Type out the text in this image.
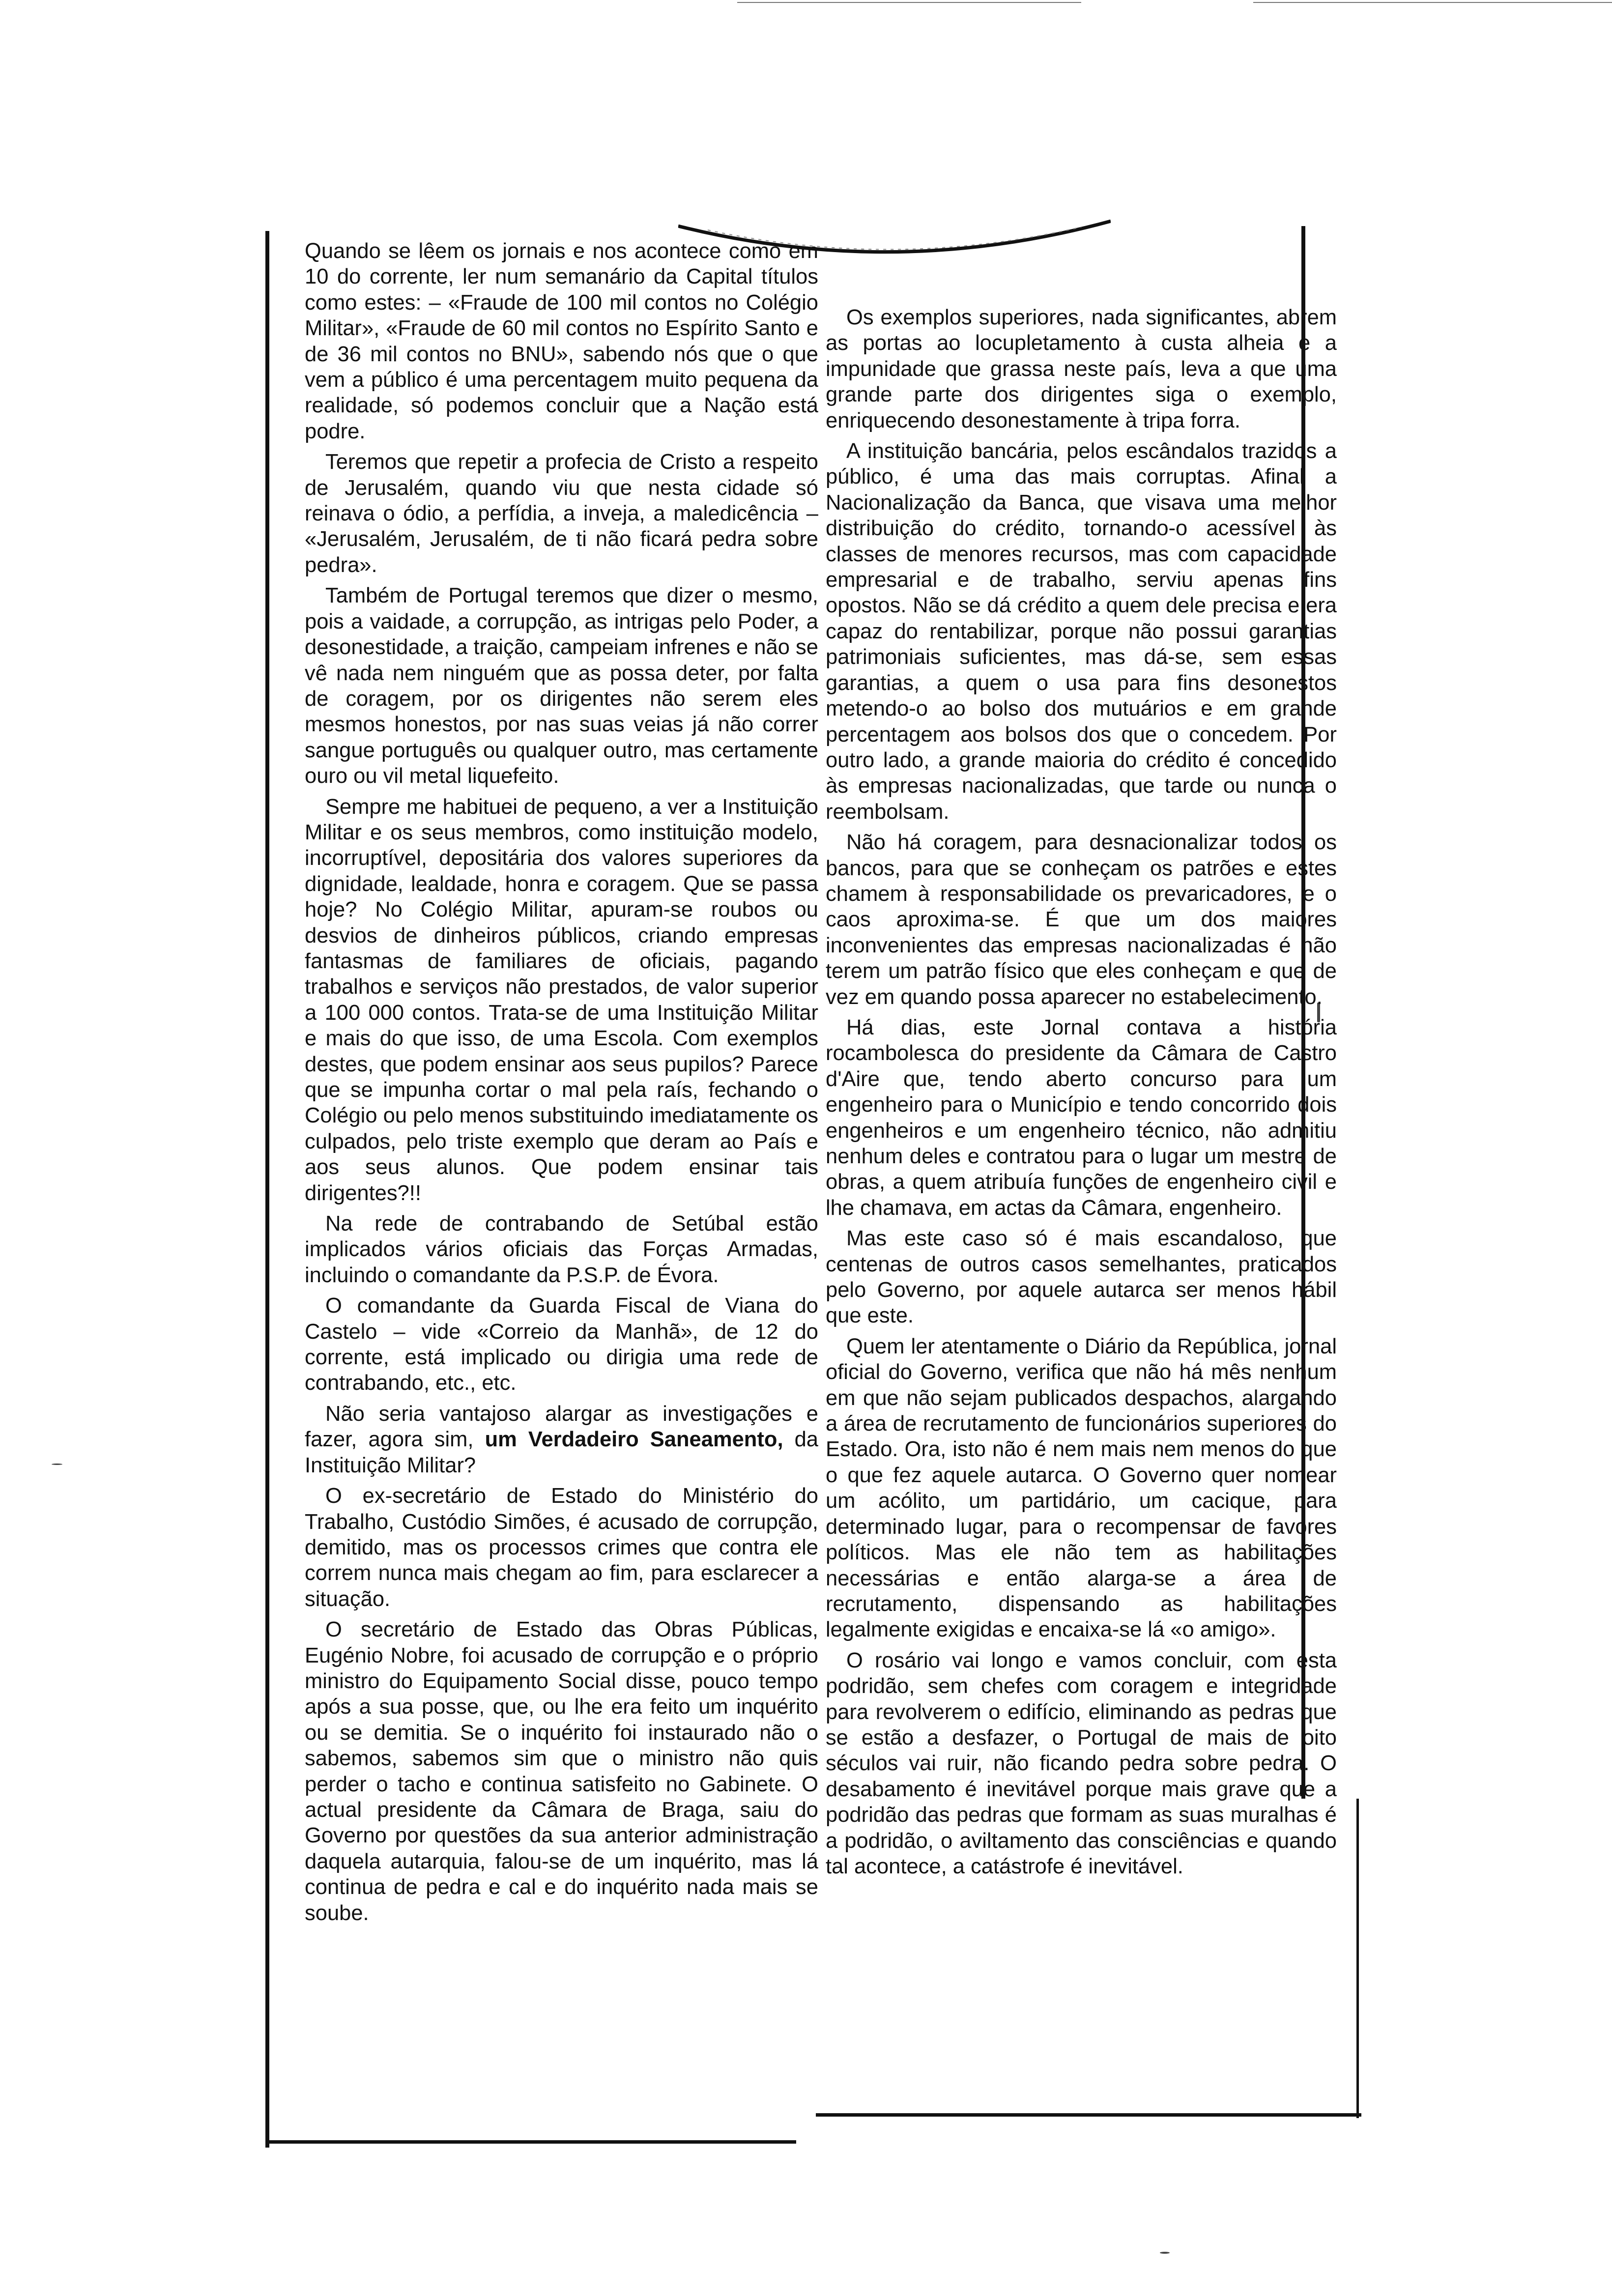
Quando se lêem os jornais e nos acontece como em 10 do corrente, ler num semanário da Capital títulos como estes: – «Fraude de 100 mil contos no Colégio Militar», «Fraude de 60 mil contos no Espírito Santo e de 36 mil contos no BNU», sabendo nós que o que vem a público é uma percentagem muito pequena da realidade, só podemos concluir que a Nação está podre.

Teremos que repetir a profecia de Cristo a respeito de Jerusalém, quando viu que nesta cidade só reinava o ódio, a perfídia, a inveja, a maledicência – «Jerusalém, Jerusalém, de ti não ficará pedra sobre pedra».

Também de Portugal teremos que dizer o mesmo, pois a vaidade, a corrupção, as intrigas pelo Poder, a desonestidade, a traição, campeiam infrenes e não se vê nada nem ninguém que as possa deter, por falta de coragem, por os dirigentes não serem eles mesmos honestos, por nas suas veias já não correr sangue português ou qualquer outro, mas certamente ouro ou vil metal liquefeito.

Sempre me habituei de pequeno, a ver a Instituição Militar e os seus membros, como instituição modelo, incorruptível, depositária dos valores superiores da dignidade, lealdade, honra e coragem. Que se passa hoje? No Colégio Militar, apuram-se roubos ou desvios de dinheiros públicos, criando empresas fantasmas de familiares de oficiais, pagando trabalhos e serviços não prestados, de valor superior a 100 000 contos. Trata-se de uma Instituição Militar e mais do que isso, de uma Escola. Com exemplos destes, que podem ensinar aos seus pupilos? Parece que se impunha cortar o mal pela raís, fechando o Colégio ou pelo menos substituindo imediatamente os culpados, pelo triste exemplo que deram ao País e aos seus alunos. Que podem ensinar tais dirigentes?!!

Na rede de contrabando de Setúbal estão implicados vários oficiais das Forças Armadas, incluindo o comandante da P.S.P. de Évora.

O comandante da Guarda Fiscal de Viana do Castelo – vide «Correio da Manhã», de 12 do corrente, está implicado ou dirigia uma rede de contrabando, etc., etc.

Não seria vantajoso alargar as investigações e fazer, agora sim, um Verdadeiro Saneamento, da Instituição Militar?

O ex-secretário de Estado do Ministério do Trabalho, Custódio Simões, é acusado de corrupção, demitido, mas os processos crimes que contra ele correm nunca mais chegam ao fim, para esclarecer a situação.

O secretário de Estado das Obras Públicas, Eugénio Nobre, foi acusado de corrupção e o próprio ministro do Equipamento Social disse, pouco tempo após a sua posse, que, ou lhe era feito um inquérito ou se demitia. Se o inquérito foi instaurado não o sabemos, sabemos sim que o ministro não quis perder o tacho e continua satisfeito no Gabinete. O actual presidente da Câmara de Braga, saiu do Governo por questões da sua anterior administração daquela autarquia, falou-se de um inquérito, mas lá continua de pedra e cal e do inquérito nada mais se soube.

Os exemplos superiores, nada significantes, abrem as portas ao locupletamento à custa alheia e a impunidade que grassa neste país, leva a que uma grande parte dos dirigentes siga o exemplo, enriquecendo desonestamente à tripa forra.

A instituição bancária, pelos escândalos trazidos a público, é uma das mais corruptas. Afinal a Nacionalização da Banca, que visava uma melhor distribuição do crédito, tornando-o acessível às classes de menores recursos, mas com capacidade empresarial e de trabalho, serviu apenas fins opostos. Não se dá crédito a quem dele precisa e era capaz do rentabilizar, porque não possui garantias patrimoniais suficientes, mas dá-se, sem essas garantias, a quem o usa para fins desonestos metendo-o ao bolso dos mutuários e em grande percentagem aos bolsos dos que o concedem. Por outro lado, a grande maioria do crédito é concedido às empresas nacionalizadas, que tarde ou nunca o reembolsam.

Não há coragem, para desnacionalizar todos os bancos, para que se conheçam os patrões e estes chamem à responsabilidade os prevaricadores, e o caos aproxima-se. É que um dos maiores inconvenientes das empresas nacionalizadas é não terem um patrão físico que eles conheçam e que de vez em quando possa aparecer no estabelecimento.

Há dias, este Jornal contava a história rocambolesca do presidente da Câmara de Castro d'Aire que, tendo aberto concurso para um engenheiro para o Município e tendo concorrido dois engenheiros e um engenheiro técnico, não admitiu nenhum deles e contratou para o lugar um mestre de obras, a quem atribuía funções de engenheiro civil e lhe chamava, em actas da Câmara, engenheiro.

Mas este caso só é mais escandaloso, que centenas de outros casos semelhantes, praticados pelo Governo, por aquele autarca ser menos hábil que este.

Quem ler atentamente o Diário da República, jornal oficial do Governo, verifica que não há mês nenhum em que não sejam publicados despachos, alargando a área de recrutamento de funcionários superiores do Estado. Ora, isto não é nem mais nem menos do que o que fez aquele autarca. O Governo quer nomear um acólito, um partidário, um cacique, para determinado lugar, para o recompensar de favores políticos. Mas ele não tem as habilitações necessárias e então alarga-se a área de recrutamento, dispensando as habilitações legalmente exigidas e encaixa-se lá «o amigo».

O rosário vai longo e vamos concluir, com esta podridão, sem chefes com coragem e integridade para revolverem o edifício, eliminando as pedras que se estão a desfazer, o Portugal de mais de oito séculos vai ruir, não ficando pedra sobre pedra. O desabamento é inevitável porque mais grave que a podridão das pedras que formam as suas muralhas é a podridão, o aviltamento das consciências e quando tal acontece, a catástrofe é inevitável.
